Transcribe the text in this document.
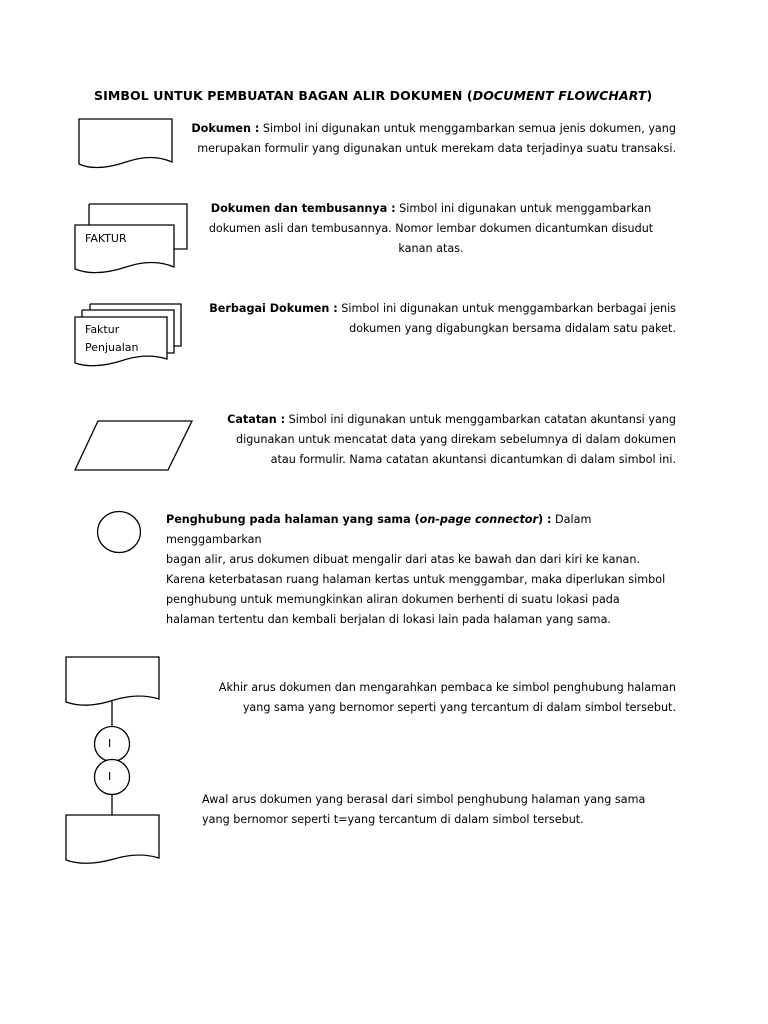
SIMBOL UNTUK PEMBUATAN BAGAN ALIR DOKUMEN (DOCUMENT FLOWCHART)
Dokumen : Simbol ini digunakan untuk menggambarkan semua jenis dokumen, yang
merupakan formulir yang digunakan untuk merekam data terjadinya suatu transaksi.
FAKTUR
Dokumen dan tembusannya : Simbol ini digunakan untuk menggambarkan
dokumen asli dan tembusannya. Nomor lembar dokumen dicantumkan disudut
kanan atas.
Faktur
Penjualan
Berbagai Dokumen : Simbol ini digunakan untuk menggambarkan berbagai jenis
dokumen yang digabungkan bersama didalam satu paket.
Catatan : Simbol ini digunakan untuk menggambarkan catatan akuntansi yang
digunakan untuk mencatat data yang direkam sebelumnya di dalam dokumen
atau formulir. Nama catatan akuntansi dicantumkan di dalam simbol ini.
Penghubung pada halaman yang sama (on-page connector) : Dalam menggambarkan
bagan alir, arus dokumen dibuat mengalir dari atas ke bawah dan dari kiri ke kanan.
Karena keterbatasan ruang halaman kertas untuk menggambar, maka diperlukan simbol
penghubung untuk memungkinkan aliran dokumen berhenti di suatu lokasi pada
halaman tertentu dan kembali berjalan di lokasi lain pada halaman yang sama.
I
I
Akhir arus dokumen dan mengarahkan pembaca ke simbol penghubung halaman
yang sama yang bernomor seperti yang tercantum di dalam simbol tersebut.
Awal arus dokumen yang berasal dari simbol penghubung halaman yang sama
yang bernomor seperti t=yang tercantum di dalam simbol tersebut.
